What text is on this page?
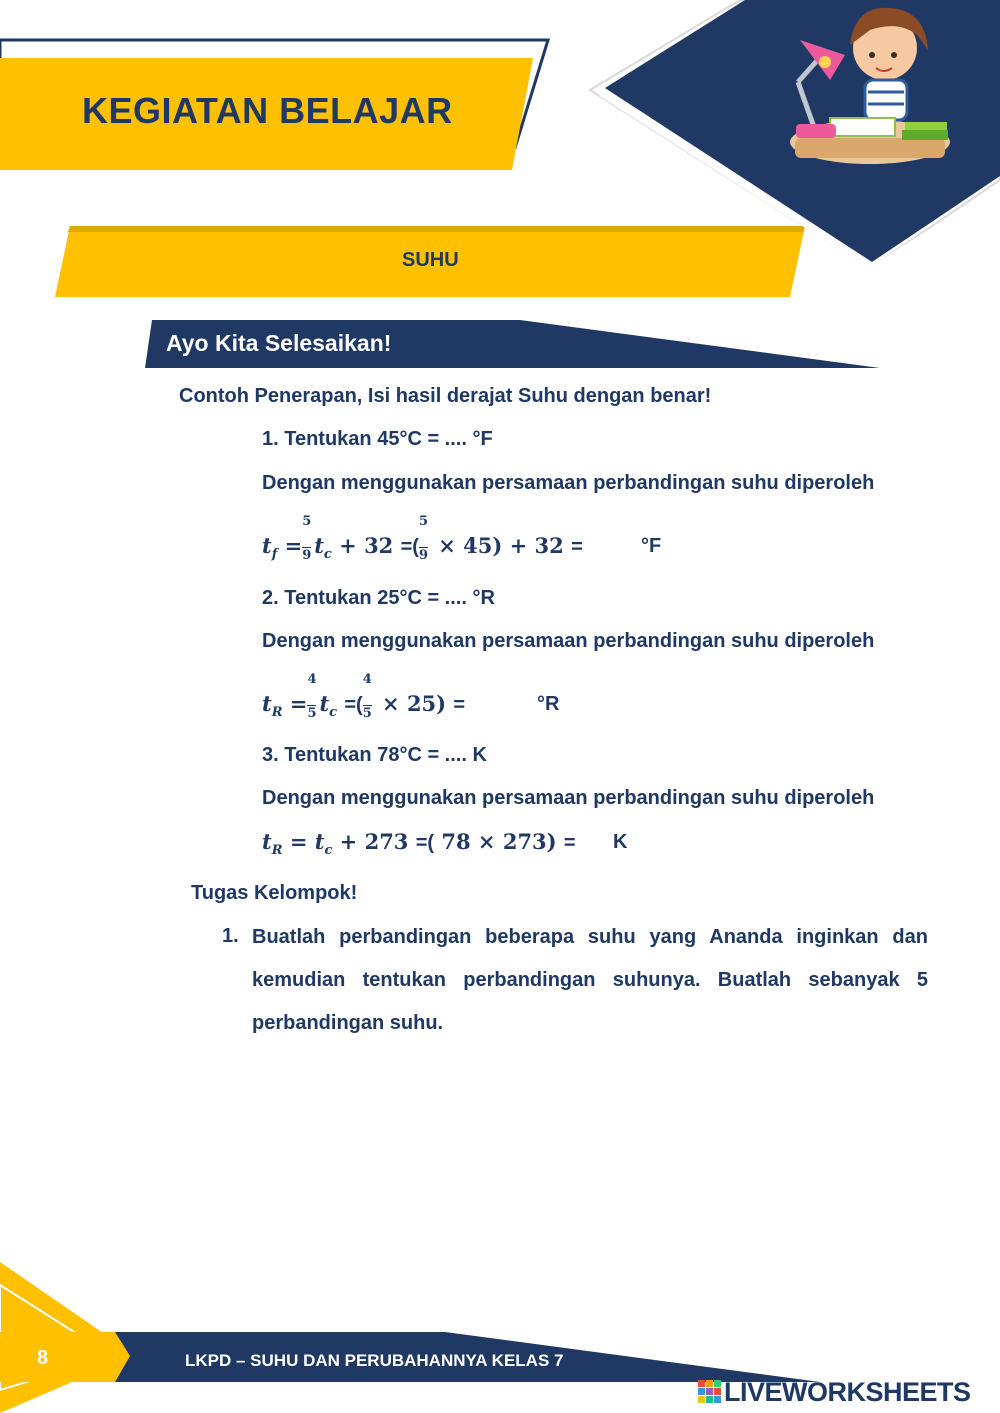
KEGIATAN BELAJAR
SUHU
Ayo Kita Selesaikan!
Contoh Penerapan, Isi hasil derajat Suhu dengan benar!
1. Tentukan 45°C = .... °F
Dengan menggunakan persamaan perbandingan suhu diperoleh
$t_f = \frac{5}{9} t_c + 32$ =( $\frac{5}{9} \times 45) + 32$ =	°F
2. Tentukan 25°C = .... °R
Dengan menggunakan persamaan perbandingan suhu diperoleh
$t_R = \frac{4}{5} t_c$ =( $\frac{4}{5} \times 25$) =	°R
3. Tentukan 78°C = .... K
Dengan menggunakan persamaan perbandingan suhu diperoleh
$t_R = t_c + 273$ =( 78 × 273) = K
Tugas Kelompok!
1. Buatlah perbandingan beberapa suhu yang Ananda inginkan dan
kemudian tentukan perbandingan suhunya. Buatlah sebanyak 5
perbandingan suhu.
8	LKPD – SUHU DAN PERUBAHANNYA KELAS 7
LIVEWORKSHEETS
